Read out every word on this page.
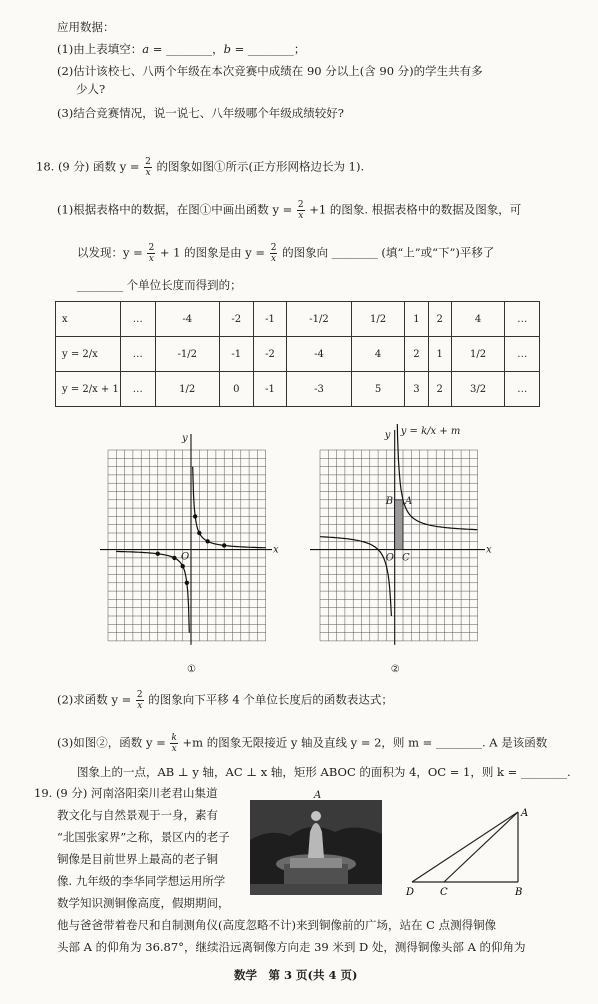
应用数据：
(1)由上表填空：a = ________，b = ________；
(2)估计该校七、八两个年级在本次竞赛中成绩在 90 分以上(含 90 分)的学生共有多
少人?
(3)结合竞赛情况，说一说七、八年级哪个年级成绩较好?
18. (9 分) 函数 $y = \frac{2}{x}$ 的图象如图①所示(正方形网格边长为 1).
(1)根据表格中的数据，在图①中画出函数 $y = \frac{2}{x} +1$ 的图象. 根据表格中的数据及图象，可
以发现：$y = \frac{2}{x} + 1$ 的图象是由 $y = \frac{2}{x}$ 的图象向 ________ (填“上”或“下”)平移了
________ 个单位长度而得到的；
x	…	-4	-2	-1	-1/2	1/2	1	2	4	…
y = 2/x	…	-1/2	-1	-2	-4	4	2	1	1/2	…
y = 2/x + 1	…	1/2	0	-1	-3	5	3	2	3/2	…
x
y
O
①
x
y y = k/x + m
B A
O C
②
(2)求函数 $y = \frac{2}{x}$ 的图象向下平移 4 个单位长度后的函数表达式；
(3)如图②，函数 $y = \frac{k}{x} +m$ 的图象无限接近 y 轴及直线 y = 2，则 m = ________. A 是该函数
图象上的一点，AB ⊥ y 轴，AC ⊥ x 轴，矩形 ABOC 的面积为 4，OC = 1，则 k = ________.
19. (9 分) 河南洛阳栾川老君山集道
教文化与自然景观于一身，素有
“北国张家界”之称，景区内的老子
铜像是目前世界上最高的老子铜
像. 九年级的李华同学想运用所学
数学知识测铜像高度，假期期间，
他与爸爸带着卷尺和自制测角仪(高度忽略不计)来到铜像前的广场，站在 C 点测得铜像
头部 A 的仰角为 36.87°，继续沿远离铜像方向走 39 米到 D 处，测得铜像头部 A 的仰角为
A
A
B
C
D
数学　第 3 页(共 4 页)
